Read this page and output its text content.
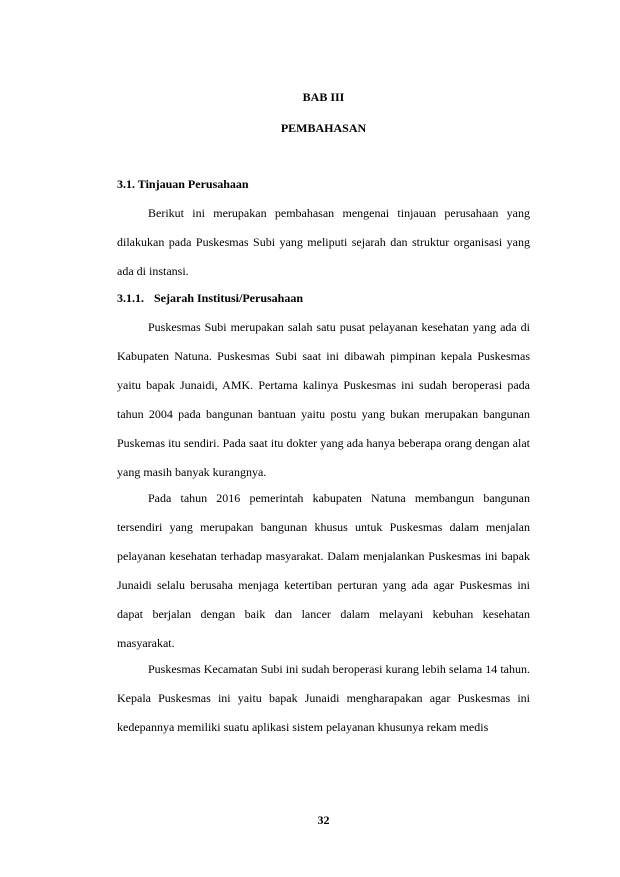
BAB III

PEMBAHASAN

3.1. Tinjauan Perusahaan

Berikut ini merupakan pembahasan mengenai tinjauan perusahaan yang dilakukan pada Puskesmas Subi yang meliputi sejarah dan struktur organisasi yang ada di instansi.

3.1.1. Sejarah Institusi/Perusahaan

Puskesmas Subi merupakan salah satu pusat pelayanan kesehatan yang ada di Kabupaten Natuna. Puskesmas Subi saat ini dibawah pimpinan kepala Puskesmas yaitu bapak Junaidi, AMK. Pertama kalinya Puskesmas ini sudah beroperasi pada tahun 2004 pada bangunan bantuan yaitu postu yang bukan merupakan bangunan Puskemas itu sendiri. Pada saat itu dokter yang ada hanya beberapa orang dengan alat yang masih banyak kurangnya.

Pada tahun 2016 pemerintah kabupaten Natuna membangun bangunan tersendiri yang merupakan bangunan khusus untuk Puskesmas dalam menjalan pelayanan kesehatan terhadap masyarakat. Dalam menjalankan Puskesmas ini bapak Junaidi selalu berusaha menjaga ketertiban perturan yang ada agar Puskesmas ini dapat berjalan dengan baik dan lancer dalam melayani kebuhan kesehatan masyarakat.

Puskesmas Kecamatan Subi ini sudah beroperasi kurang lebih selama 14 tahun. Kepala Puskesmas ini yaitu bapak Junaidi mengharapakan agar Puskesmas ini kedepannya memiliki suatu aplikasi sistem pelayanan khusunya rekam medis

32
